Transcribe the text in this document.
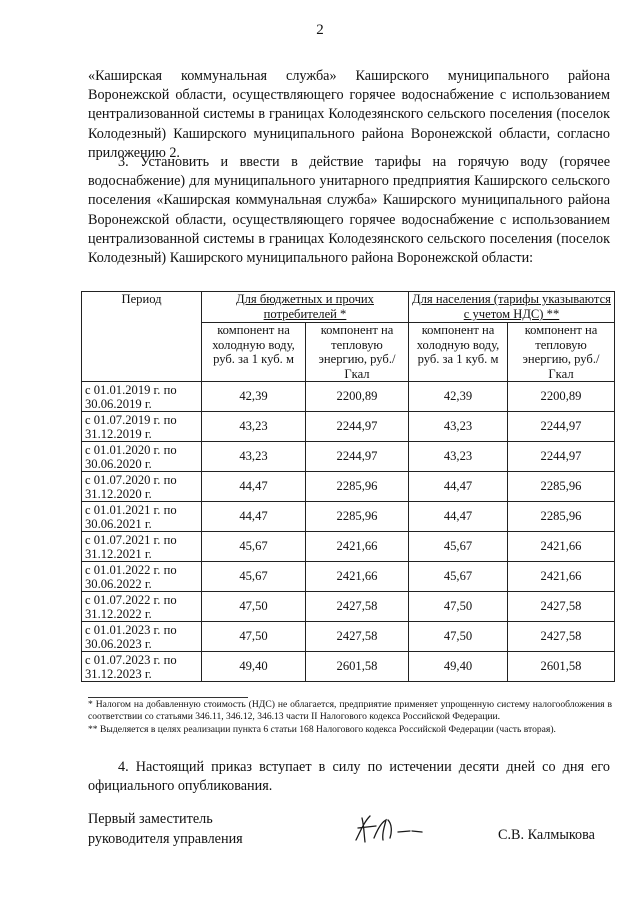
2

«Каширская коммунальная служба» Каширского муниципального района Воронежской области, осуществляющего горячее водоснабжение с использованием централизованной системы в границах Колодезянского сельского поселения (поселок Колодезный) Каширского муниципального района Воронежской области, согласно приложению 2.

3. Установить и ввести в действие тарифы на горячую воду (горячее водоснабжение) для муниципального унитарного предприятия Каширского сельского поселения «Каширская коммунальная служба» Каширского муниципального района Воронежской области, осуществляющего горячее водоснабжение с использованием централизованной системы в границах Колодезянского сельского поселения (поселок Колодезный) Каширского муниципального района Воронежской области:

Период	Для бюджетных и прочих потребителей *		Для населения (тарифы указываются с учетом НДС) **	
	компонент на холодную воду, руб. за 1 куб. м	компонент на тепловую энергию, руб./Гкал	компонент на холодную воду, руб. за 1 куб. м	компонент на тепловую энергию, руб./Гкал
с 01.01.2019 г. по 30.06.2019 г.	42,39	2200,89	42,39	2200,89
с 01.07.2019 г. по 31.12.2019 г.	43,23	2244,97	43,23	2244,97
с 01.01.2020 г. по 30.06.2020 г.	43,23	2244,97	43,23	2244,97
с 01.07.2020 г. по 31.12.2020 г.	44,47	2285,96	44,47	2285,96
с 01.01.2021 г. по 30.06.2021 г.	44,47	2285,96	44,47	2285,96
с 01.07.2021 г. по 31.12.2021 г.	45,67	2421,66	45,67	2421,66
с 01.01.2022 г. по 30.06.2022 г.	45,67	2421,66	45,67	2421,66
с 01.07.2022 г. по 31.12.2022 г.	47,50	2427,58	47,50	2427,58
с 01.01.2023 г. по 30.06.2023 г.	47,50	2427,58	47,50	2427,58
с 01.07.2023 г. по 31.12.2023 г.	49,40	2601,58	49,40	2601,58

* Налогом на добавленную стоимость (НДС) не облагается, предприятие применяет упрощенную систему налогообложения в соответствии со статьями 346.11, 346.12, 346.13 части II Налогового кодекса Российской Федерации.

** Выделяется в целях реализации пункта 6 статьи 168 Налогового кодекса Российской Федерации (часть вторая).

4. Настоящий приказ вступает в силу по истечении десяти дней со дня его официального опубликования.

Первый заместитель
руководителя управления	С.В. Калмыкова
